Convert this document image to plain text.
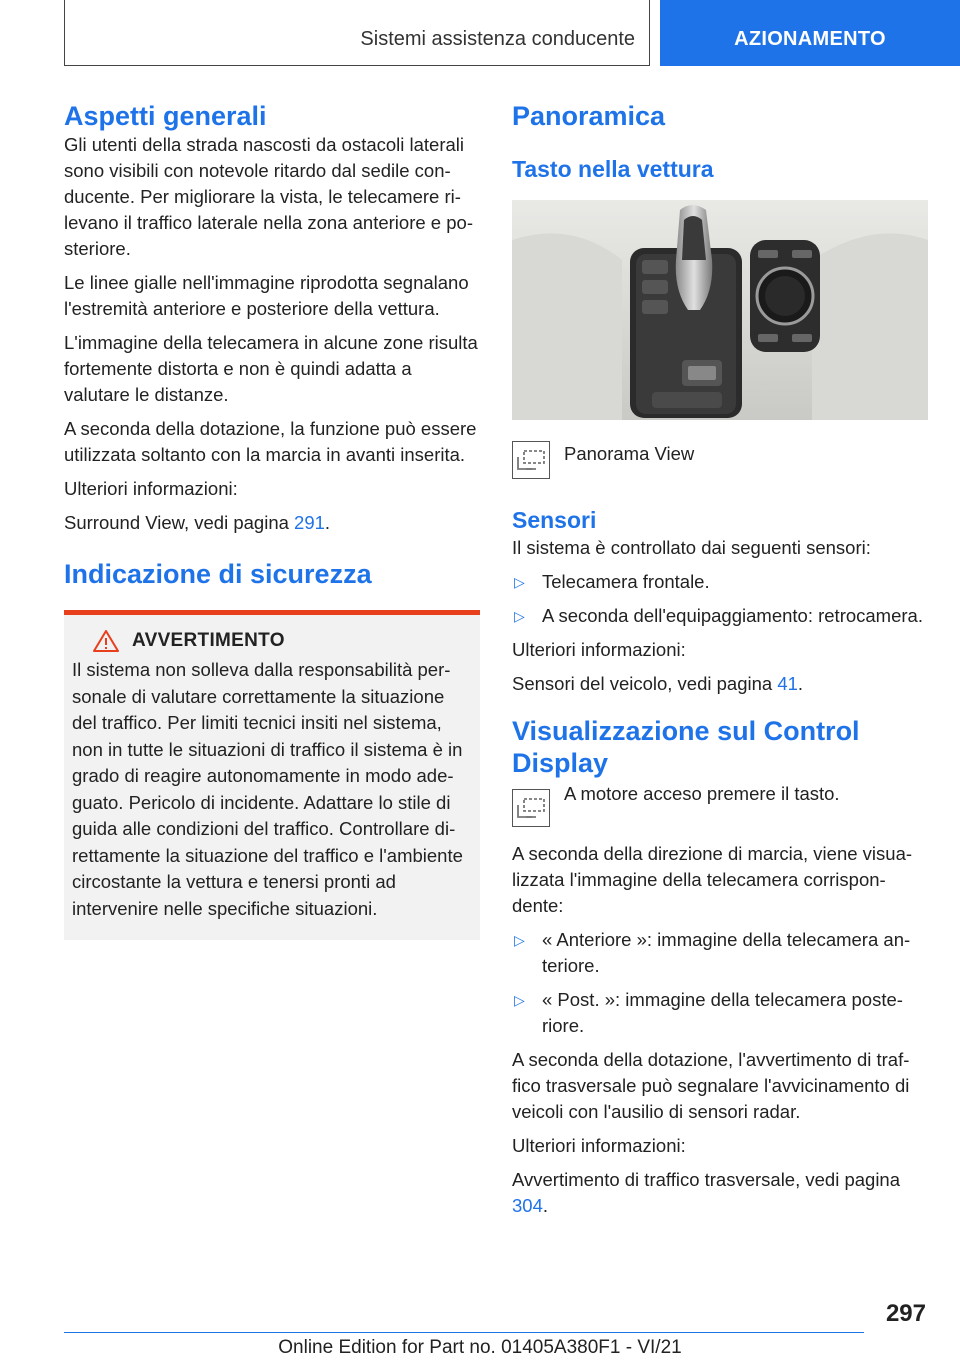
Sistemi assistenza conducente	AZIONAMENTO
Aspetti generali

Gli utenti della strada nascosti da ostacoli laterali sono visibili con notevole ritardo dal sedile conducente. Per migliorare la vista, le telecamere rilevano il traffico laterale nella zona anteriore e posteriore.

Le linee gialle nell'immagine riprodotta segnalano l'estremità anteriore e posteriore della vettura.

L'immagine della telecamera in alcune zone risulta fortemente distorta e non è quindi adatta a valutare le distanze.

A seconda della dotazione, la funzione può essere utilizzata soltanto con la marcia in avanti inserita.

Ulteriori informazioni:

Surround View, vedi pagina 291.

Indicazione di sicurezza
AVVERTIMENTO

Il sistema non solleva dalla responsabilità personale di valutare correttamente la situazione del traffico. Per limiti tecnici insiti nel sistema, non in tutte le situazioni di traffico il sistema è in grado di reagire autonomamente in modo adeguato. Pericolo di incidente. Adattare lo stile di guida alle condizioni del traffico. Controllare direttamente la situazione del traffico e l'ambiente circostante la vettura e tenersi pronti ad intervenire nelle specifiche situazioni.

Panoramica
Tasto nella vettura

Panorama View

Sensori

Il sistema è controllato dai seguenti sensori:

▷ Telecamera frontale.
▷ A seconda dell'equipaggiamento: retrocamera.

Ulteriori informazioni:

Sensori del veicolo, vedi pagina 41.

Visualizzazione sul Control Display

A motore acceso premere il tasto.

A seconda della direzione di marcia, viene visualizzata l'immagine della telecamera corrispondente:

▷ « Anteriore »: immagine della telecamera anteriore.
▷ « Post. »: immagine della telecamera posteriore.

A seconda della dotazione, l'avvertimento di traffico trasversale può segnalare l'avvicinamento di veicoli con l'ausilio di sensori radar.

Ulteriori informazioni:

Avvertimento di traffico trasversale, vedi pagina 304.

297
Online Edition for Part no. 01405A380F1 - VI/21
